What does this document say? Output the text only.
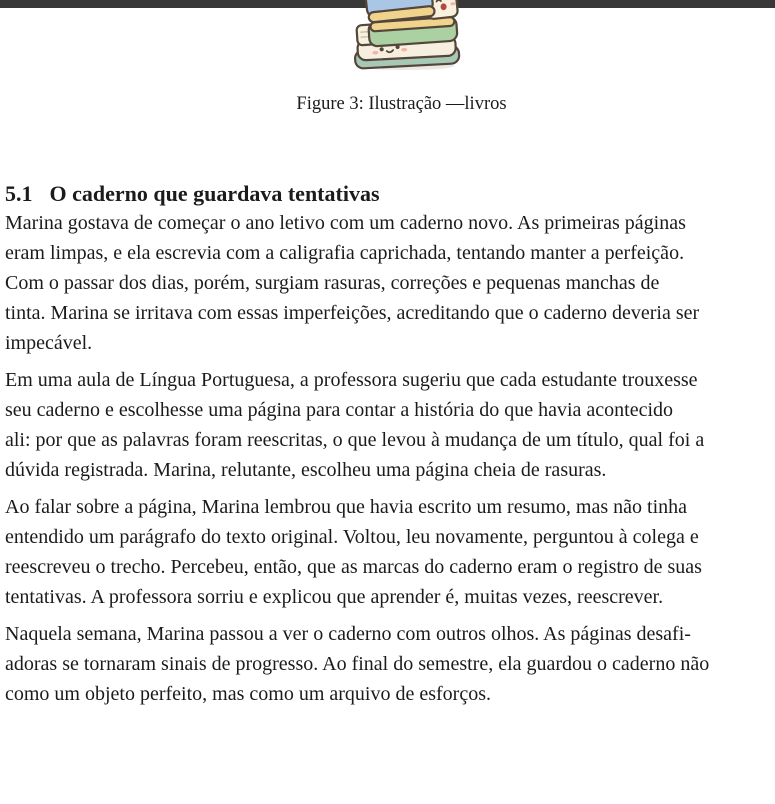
Figure 3: Ilustração —livros
5.1 O caderno que guardava tentativas

Marina gostava de começar o ano letivo com um caderno novo. As primeiras páginas
eram limpas, e ela escrevia com a caligrafia caprichada, tentando manter a perfeição.
Com o passar dos dias, porém, surgiam rasuras, correções e pequenas manchas de
tinta. Marina se irritava com essas imperfeições, acreditando que o caderno deveria ser
impecável.

Em uma aula de Língua Portuguesa, a professora sugeriu que cada estudante trouxesse
seu caderno e escolhesse uma página para contar a história do que havia acontecido
ali: por que as palavras foram reescritas, o que levou à mudança de um título, qual foi a
dúvida registrada. Marina, relutante, escolheu uma página cheia de rasuras.

Ao falar sobre a página, Marina lembrou que havia escrito um resumo, mas não tinha
entendido um parágrafo do texto original. Voltou, leu novamente, perguntou à colega e
reescreveu o trecho. Percebeu, então, que as marcas do caderno eram o registro de suas
tentativas. A professora sorriu e explicou que aprender é, muitas vezes, reescrever.

Naquela semana, Marina passou a ver o caderno com outros olhos. As páginas desafi-
adoras se tornaram sinais de progresso. Ao final do semestre, ela guardou o caderno não
como um objeto perfeito, mas como um arquivo de esforços.
